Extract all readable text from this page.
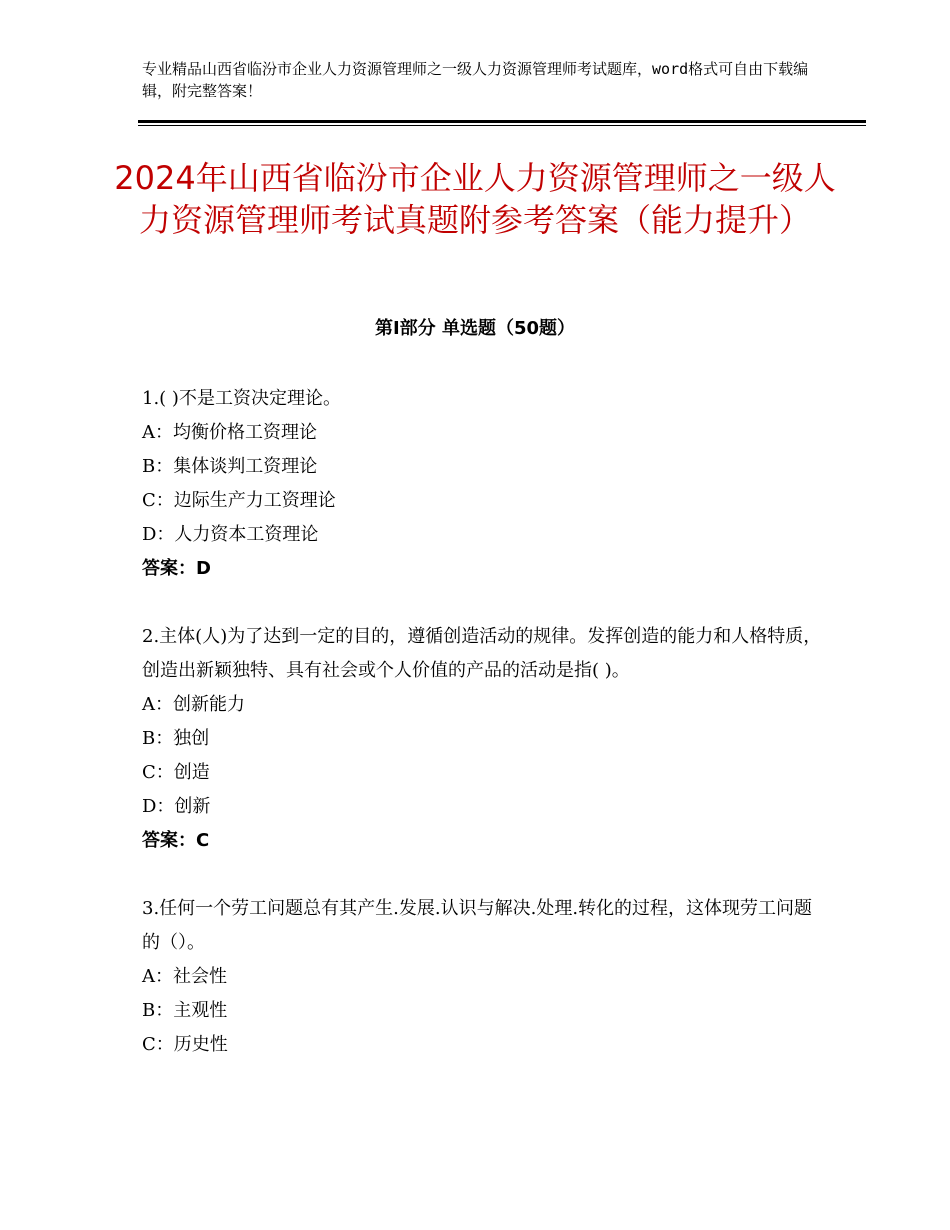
专业精品山西省临汾市企业人力资源管理师之一级人力资源管理师考试题库，word格式可自由下载编辑，附完整答案！
2024年山西省临汾市企业人力资源管理师之一级人力资源管理师考试真题附参考答案（能力提升）
第Ⅰ部分 单选题（50题）
1.( )不是工资决定理论。
A：均衡价格工资理论
B：集体谈判工资理论
C：边际生产力工资理论
D：人力资本工资理论
答案：D
2.主体(人)为了达到一定的目的，遵循创造活动的规律。发挥创造的能力和人格特质，创造出新颖独特、具有社会或个人价值的产品的活动是指( )。
A：创新能力
B：独创
C：创造
D：创新
答案：C
3.任何一个劳工问题总有其产生.发展.认识与解决.处理.转化的过程，这体现劳工问题的（）。
A：社会性
B：主观性
C：历史性
